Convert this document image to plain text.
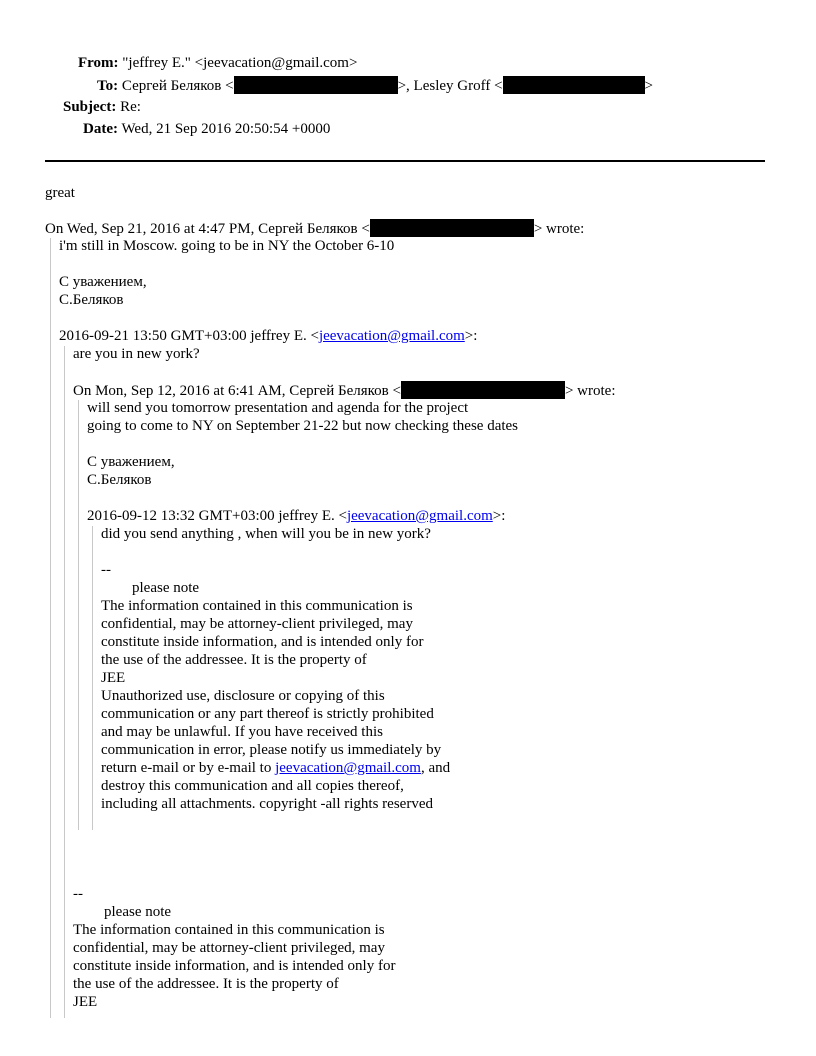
From: "jeffrey E." <jeevacation@gmail.com>
To: Сергей Беляков <	>, Lesley Groff <	>
Subject: Re:
Date: Wed, 21 Sep 2016 20:50:54 +0000
great
On Wed, Sep 21, 2016 at 4:47 PM, Сергей Беляков <	> wrote:
i'm still in Moscow. going to be in NY the October 6-10
С уважением,
С.Беляков
2016-09-21 13:50 GMT+03:00 jeffrey E. <jeevacation@gmail.com>:
are you in new york?
On Mon, Sep 12, 2016 at 6:41 AM, Сергей Беляков <	> wrote:
will send you tomorrow presentation and agenda for the project
going to come to NY on September 21-22 but now checking these dates
С уважением,
С.Беляков
2016-09-12 13:32 GMT+03:00 jeffrey E. <jeevacation@gmail.com>:
did you send anything , when will you be in new york?
--
please note
The information contained in this communication is
confidential, may be attorney-client privileged, may
constitute inside information, and is intended only for
the use of the addressee. It is the property of
JEE
Unauthorized use, disclosure or copying of this
communication or any part thereof is strictly prohibited
and may be unlawful. If you have received this
communication in error, please notify us immediately by
return e-mail or by e-mail to jeevacation@gmail.com, and
destroy this communication and all copies thereof,
including all attachments. copyright -all rights reserved
--
please note
The information contained in this communication is
confidential, may be attorney-client privileged, may
constitute inside information, and is intended only for
the use of the addressee. It is the property of
JEE
